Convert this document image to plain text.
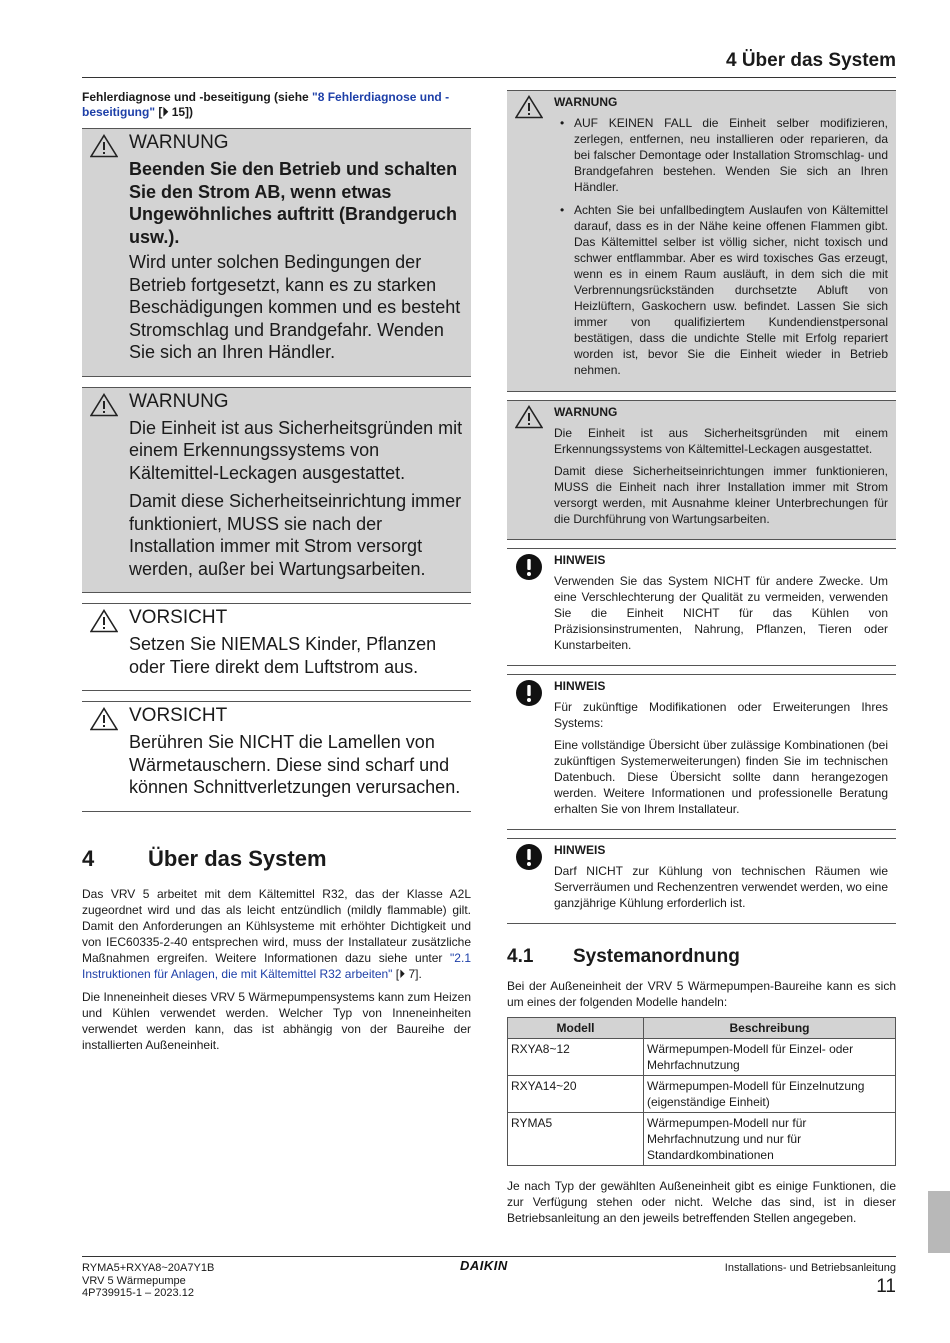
4 Über das System
Fehlerdiagnose und -beseitigung (siehe "8 Fehlerdiagnose und -beseitigung" [⏵ 15])
WARNUNG
Beenden Sie den Betrieb und schalten Sie den Strom AB, wenn etwas Ungewöhnliches auftritt (Brandgeruch usw.).

Wird unter solchen Bedingungen der Betrieb fortgesetzt, kann es zu starken Beschädigungen kommen und es besteht Stromschlag und Brandgefahr. Wenden Sie sich an Ihren Händler.

WARNUNG

Die Einheit ist aus Sicherheitsgründen mit einem Erkennungssystems von Kältemittel-Leckagen ausgestattet.

Damit diese Sicherheitseinrichtung immer funktioniert, MUSS sie nach der Installation immer mit Strom versorgt werden, außer bei Wartungsarbeiten.

VORSICHT

Setzen Sie NIEMALS Kinder, Pflanzen oder Tiere direkt dem Luftstrom aus.

VORSICHT

Berühren Sie NICHT die Lamellen von Wärmetauschern. Diese sind scharf und können Schnittverletzungen verursachen.

4	Über das System

Das VRV 5 arbeitet mit dem Kältemittel R32, das der Klasse A2L zugeordnet wird und das als leicht entzündlich (mildly flammable) gilt. Damit den Anforderungen an Kühlsysteme mit erhöhter Dichtigkeit und von IEC60335-2-40 entsprechen wird, muss der Installateur zusätzliche Maßnahmen ergreifen. Weitere Informationen dazu siehe unter "2.1 Instruktionen für Anlagen, die mit Kältemittel R32 arbeiten" [⏵ 7].

Die Inneneinheit dieses VRV 5 Wärmepumpensystems kann zum Heizen und Kühlen verwendet werden. Welcher Typ von Inneneinheiten verwendet werden kann, das ist abhängig von der Baureihe der installierten Außeneinheit.

WARNUNG
• AUF KEINEN FALL die Einheit selber modifizieren, zerlegen, entfernen, neu installieren oder reparieren, da bei falscher Demontage oder Installation Stromschlag- und Brandgefahren bestehen. Wenden Sie sich an Ihren Händler.
• Achten Sie bei unfallbedingtem Auslaufen von Kältemittel darauf, dass es in der Nähe keine offenen Flammen gibt. Das Kältemittel selber ist völlig sicher, nicht toxisch und schwer entflammbar. Aber es wird toxisches Gas erzeugt, wenn es in einem Raum ausläuft, in dem sich die mit Verbrennungsrückständen durchsetzte Abluft von Heizlüftern, Gaskochern usw. befindet. Lassen Sie sich immer von qualifiziertem Kundendienstpersonal bestätigen, dass die undichte Stelle mit Erfolg repariert worden ist, bevor Sie die Einheit wieder in Betrieb nehmen.
WARNUNG

Die Einheit ist aus Sicherheitsgründen mit einem Erkennungssystems von Kältemittel-Leckagen ausgestattet.

Damit diese Sicherheitseinrichtungen immer funktionieren, MUSS die Einheit nach ihrer Installation immer mit Strom versorgt werden, mit Ausnahme kleiner Unterbrechungen für die Durchführung von Wartungsarbeiten.

HINWEIS

Verwenden Sie das System NICHT für andere Zwecke. Um eine Verschlechterung der Qualität zu vermeiden, verwenden Sie die Einheit NICHT für das Kühlen von Präzisionsinstrumenten, Nahrung, Pflanzen, Tieren oder Kunstarbeiten.

HINWEIS

Für zukünftige Modifikationen oder Erweiterungen Ihres Systems:

Eine vollständige Übersicht über zulässige Kombinationen (bei zukünftigen Systemerweiterungen) finden Sie im technischen Datenbuch. Diese Übersicht sollte dann herangezogen werden. Weitere Informationen und professionelle Beratung erhalten Sie von Ihrem Installateur.

HINWEIS

Darf NICHT zur Kühlung von technischen Räumen wie Serverräumen und Rechenzentren verwendet werden, wo eine ganzjährige Kühlung erforderlich ist.

4.1	Systemanordnung

Bei der Außeneinheit der VRV 5 Wärmepumpen-Baureihe kann es sich um eines der folgenden Modelle handeln:

Modell	Beschreibung
RXYA8~12	Wärmepumpen-Modell für Einzel- oder Mehrfachnutzung
RXYA14~20	Wärmepumpen-Modell für Einzelnutzung (eigenständige Einheit)
RYMA5	Wärmepumpen-Modell nur für Mehrfachnutzung und nur für Standardkombinationen

Je nach Typ der gewählten Außeneinheit gibt es einige Funktionen, die zur Verfügung stehen oder nicht. Welche das sind, ist in dieser Betriebsanleitung an den jeweils betreffenden Stellen angegeben.

RYMA5+RXYA8~20A7Y1B
VRV 5 Wärmepumpe
4P739915-1 – 2023.12
DAIKIN	Installations- und Betriebsanleitung
11
